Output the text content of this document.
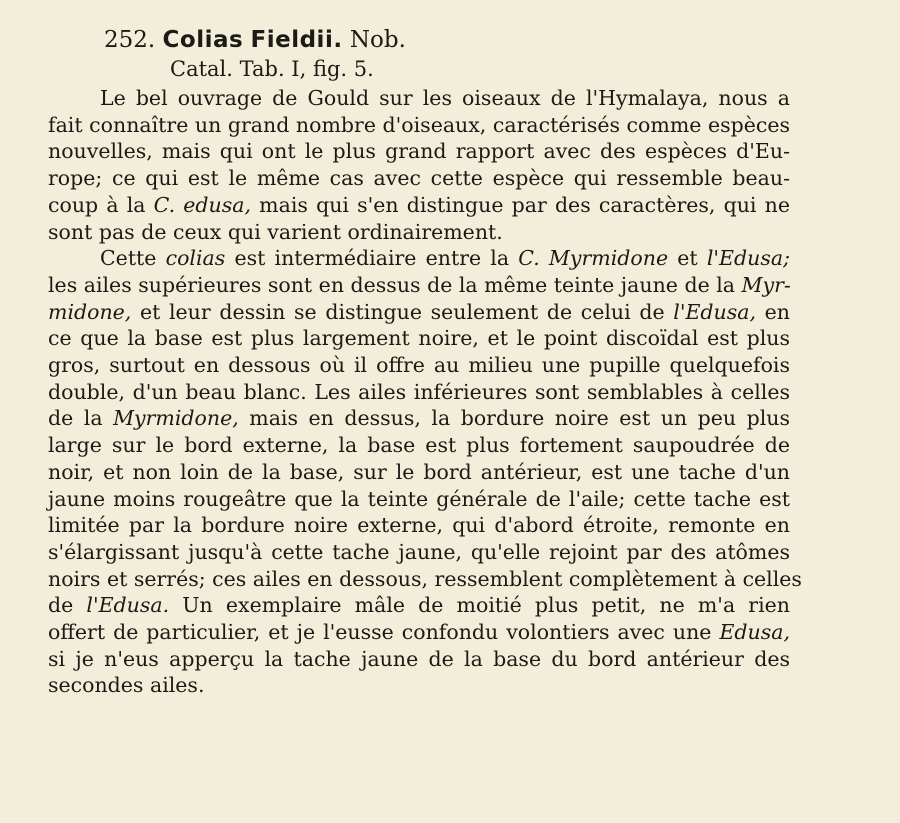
252. Colias Fieldii. Nob.
Catal. Tab. I, fig. 5.

Le bel ouvrage de Gould sur les oiseaux de l'Hymalaya, nous a
fait connaître un grand nombre d'oiseaux, caractérisés comme espèces
nouvelles, mais qui ont le plus grand rapport avec des espèces d'Eu-
rope; ce qui est le même cas avec cette espèce qui ressemble beau-
coup à la C. edusa, mais qui s'en distingue par des caractères, qui ne
sont pas de ceux qui varient ordinairement.

Cette colias est intermédiaire entre la C. Myrmidone et l'Edusa;
les ailes supérieures sont en dessus de la même teinte jaune de la Myr-
midone, et leur dessin se distingue seulement de celui de l'Edusa, en
ce que la base est plus largement noire, et le point discoïdal est plus
gros, surtout en dessous où il offre au milieu une pupille quelquefois
double, d'un beau blanc. Les ailes inférieures sont semblables à celles
de la Myrmidone, mais en dessus, la bordure noire est un peu plus
large sur le bord externe, la base est plus fortement saupoudrée de
noir, et non loin de la base, sur le bord antérieur, est une tache d'un
jaune moins rougeâtre que la teinte générale de l'aile; cette tache est
limitée par la bordure noire externe, qui d'abord étroite, remonte en
s'élargissant jusqu'à cette tache jaune, qu'elle rejoint par des atômes
noirs et serrés; ces ailes en dessous, ressemblent complètement à celles
de l'Edusa. Un exemplaire mâle de moitié plus petit, ne m'a rien
offert de particulier, et je l'eusse confondu volontiers avec une Edusa,
si je n'eus apperçu la tache jaune de la base du bord antérieur des
secondes ailes.
